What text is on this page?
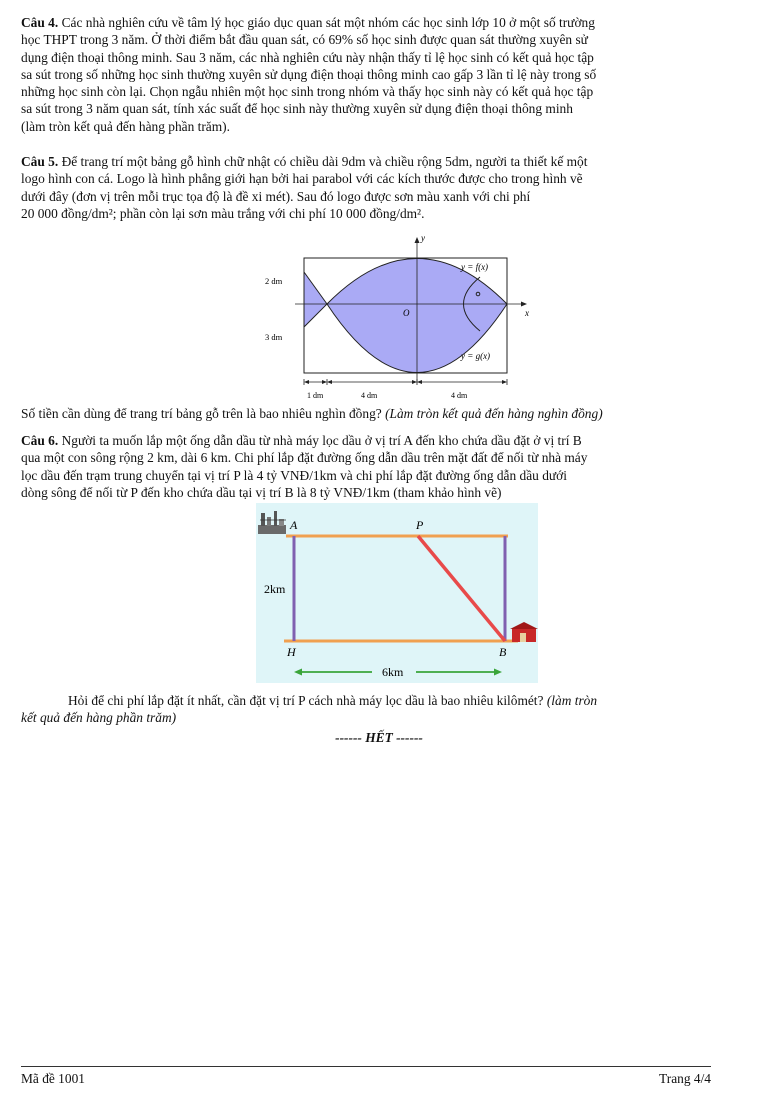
Câu 4. Các nhà nghiên cứu về tâm lý học giáo dục quan sát một nhóm các học sinh lớp 10 ở một số trường
học THPT trong 3 năm. Ở thời điểm bắt đầu quan sát, có 69% số học sinh được quan sát thường xuyên sử
dụng điện thoại thông minh. Sau 3 năm, các nhà nghiên cứu này nhận thấy tỉ lệ học sinh có kết quả học tập
sa sút trong số những học sinh thường xuyên sử dụng điện thoại thông minh cao gấp 3 lần tỉ lệ này trong số
những học sinh còn lại. Chọn ngẫu nhiên một học sinh trong nhóm và thấy học sinh này có kết quả học tập
sa sút trong 3 năm quan sát, tính xác suất để học sinh này thường xuyên sử dụng điện thoại thông minh
(làm tròn kết quả đến hàng phần trăm).
Câu 5. Để trang trí một bảng gỗ hình chữ nhật có chiều dài 9dm và chiều rộng 5dm, người ta thiết kế một
logo hình con cá. Logo là hình phẳng giới hạn bởi hai parabol với các kích thước được cho trong hình vẽ
dưới đây (đơn vị trên mỗi trục tọa độ là đề xi mét). Sau đó logo được sơn màu xanh với chi phí
20 000 đồng/dm²; phần còn lại sơn màu trắng với chi phí 10 000 đồng/dm².
y
x
O
y = f(x)
y = g(x)
2 dm
3 dm
1 dm	4 dm	4 dm
Số tiền cần dùng để trang trí bảng gỗ trên là bao nhiêu nghìn đồng? (Làm tròn kết quả đến hàng nghìn đồng)
Câu 6. Người ta muốn lắp một ống dẫn dầu từ nhà máy lọc dầu ở vị trí A đến kho chứa dầu đặt ở vị trí B
qua một con sông rộng 2 km, dài 6 km. Chi phí lắp đặt đường ống dẫn dầu trên mặt đất để nối từ nhà máy
lọc dầu đến trạm trung chuyển tại vị trí P là 4 tỷ VNĐ/1km và chi phí lắp đặt đường ống dẫn dầu dưới
dòng sông để nối từ P đến kho chứa dầu tại vị trí B là 8 tỷ VNĐ/1km (tham khảo hình vẽ)
A	P
H	B
2km
6km
Hỏi để chi phí lắp đặt ít nhất, cần đặt vị trí P cách nhà máy lọc dầu là bao nhiêu kilômét? (làm tròn
kết quả đến hàng phần trăm)
------ HẾT ------
Mã đề 1001	Trang 4/4
